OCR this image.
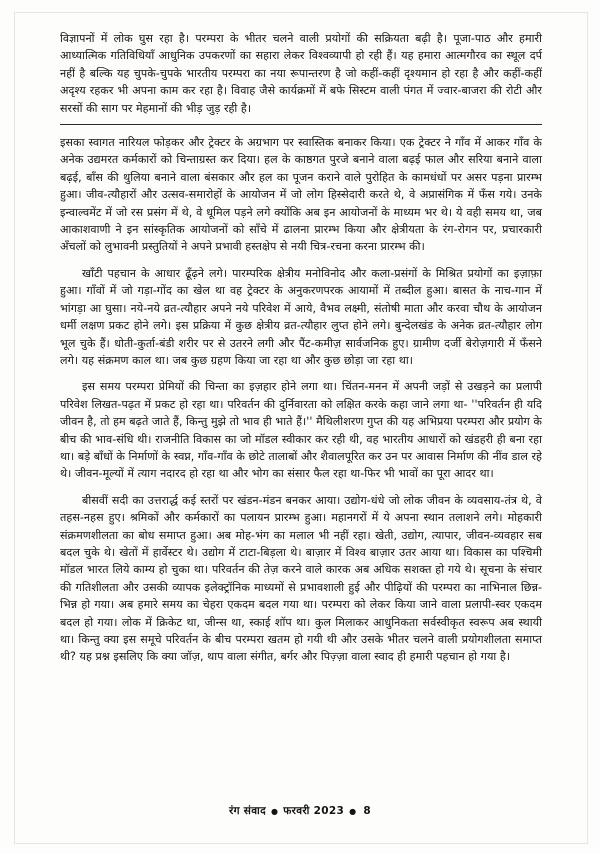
विज्ञापनों में लोक घुस रहा है। परम्परा के भीतर चलने वाली प्रयोगों की सक्रियता बढ़ी है। पूजा-पाठ और हमारी आध्यात्मिक गतिविधियाँ आधुनिक उपकरणों का सहारा लेकर विश्वव्यापी हो रही हैं। यह हमारा आत्मगौरव का स्थूल दर्प नहीं है बल्कि यह चुपके-चुपके भारतीय परम्परा का नया रूपान्तरण है जो कहीं-कहीं दृश्यमान हो रहा है और कहीं-कहीं अदृश्य रहकर भी अपना काम कर रहा है। विवाह जैसे कार्यक्रमों में बफे सिस्टम वाली पंगत में ज्वार-बाजरा की रोटी और सरसों की साग पर मेहमानों की भीड़ जुड़ रही है।

इसका स्वागत नारियल फोड़कर और ट्रेक्टर के अग्रभाग पर स्वास्तिक बनाकर किया। एक ट्रेक्टर ने गाँव में आकर गाँव के अनेक उद्यमरत कर्मकारों को चिन्ताग्रस्त कर दिया। हल के काष्ठगत पुरजे बनाने वाला बढ़ई फाल और सरिया बनाने वाला बढ़ई, बाँस की थुलिया बनाने वाला बंसकार और हल का पूजन कराने वाले पुरोहित के कामधंधों पर असर पड़ना प्रारम्भ हुआ। जीव-त्यौहारों और उत्सव-समारोहों के आयोजन में जो लोग हिस्सेदारी करते थे, वे अप्रासंगिक में फँस गये। उनके इन्वाल्वमेंट में जो रस प्रसंग में थे, वे धूमिल पड़ने लगे क्योंकि अब इन आयोजनों के माध्यम भर थे। ये वही समय था, जब आकाशवाणी ने इन सांस्कृतिक आयोजनों को साँचे में ढालना प्रारम्भ किया और क्षेत्रीयता के रंग-रोगन पर, प्रचारकारी अँचलों को लुभावनी प्रस्तुतियों ने अपने प्रभावी हस्तक्षेप से नयी चित्र-रचना करना प्रारम्भ की।

खाँटी पहचान के आधार ढूँढ़ने लगे। पारम्परिक क्षेत्रीय मनोविनोद और कला-प्रसंगों के मिश्रित प्रयोगों का इज़ाफ़ा हुआ। गाँवों में जो गड़ा-गोंद का खेल था वह ट्रेक्टर के अनुकरणपरक आयामों में तब्दील हुआ। बासत के नाच-गान में भांगड़ा आ घुसा। नये-नये व्रत-त्यौहार अपने नये परिवेश में आये, वैभव लक्ष्मी, संतोषी माता और करवा चौथ के आयोजन धर्मी लक्षण प्रकट होने लगे। इस प्रक्रिया में कुछ क्षेत्रीय व्रत-त्यौहार लुप्त होने लगे। बुन्देलखंड के अनेक व्रत-त्यौहार लोग भूल चुके हैं। धोती-कुर्ता-बंडी शरीर पर से उतरने लगी और पैंट-कमीज़ सार्वजनिक हुए। ग्रामीण दर्जी बेरोज़गारी में फँसने लगे। यह संक्रमण काल था। जब कुछ ग्रहण किया जा रहा था और कुछ छोड़ा जा रहा था।

इस समय परम्परा प्रेमियों की चिन्ता का इज़हार होने लगा था। चिंतन-मनन में अपनी जड़ों से उखड़ने का प्रलापी परिवेश लिखत-पढ़त में प्रकट हो रहा था। परिवर्तन की दुर्निवारता को लक्षित करके कहा जाने लगा था- ''परिवर्तन ही यदि जीवन है, तो हम बढ़ते जाते हैं, किन्तु मुझे तो भाव ही भाते हैं।'' मैथिलीशरण गुप्त की यह अभिप्रया परम्परा और प्रयोग के बीच की भाव-संधि थी। राजनीति विकास का जो मॉडल स्वीकार कर रही थी, वह भारतीय आधारों को खंडहरी ही बना रहा था। बड़े बाँधों के निर्माणों के स्वप्न, गाँव-गाँव के छोटे तालाबों और शैवालपूरित कर उन पर आवास निर्माण की नींव डाल रहे थे। जीवन-मूल्यों में त्याग नदारद हो रहा था और भोग का संसार फैल रहा था-फिर भी भावों का पूरा आदर था।

बीसवीं सदी का उत्तरार्द्ध कई स्तरों पर खंडन-मंडन बनकर आया। उद्योग-धंधे जो लोक जीवन के व्यवसाय-तंत्र थे, वे तहस-नहस हुए। श्रमिकों और कर्मकारों का पलायन प्रारम्भ हुआ। महानगरों में ये अपना स्थान तलाशने लगे। मोहकारी संक्रमणशीलता का बोध समाप्त हुआ। अब मोह-भंग का मलाल भी नहीं रहा। खेती, उद्योग, त्यापार, जीवन-व्यवहार सब बदल चुके थे। खेतों में हार्वेस्टर थे। उद्योग में टाटा-बिड़ला थे। बाज़ार में विश्व बाज़ार उतर आया था। विकास का पश्चिमी मॉडल भारत लिये काम्य हो चुका था। परिवर्तन की तेज़ करने वाले कारक अब अधिक सशक्त हो गये थे। सूचना के संचार की गतिशीलता और उसकी व्यापक इलेक्ट्रॉनिक माध्यमों से प्रभावशाली हुई और पीढ़ियों की परम्परा का नाभिनाल छिन्न-भिन्न हो गया। अब हमारे समय का चेहरा एकदम बदल गया था। परम्परा को लेकर किया जाने वाला प्रलापी-स्वर एकदम बदल हो गया। लोक में क्रिकेट था, जीन्स था, स्काई शॉप था। कुल मिलाकर आधुनिकता सर्वस्वीकृत स्वरूप अब स्थायी था। किन्तु क्या इस समूचे परिवर्तन के बीच परम्परा खतम हो गयी थी और उसके भीतर चलने वाली प्रयोगशीलता समाप्त थी? यह प्रश्न इसलिए कि क्या जॉज़, थाप वाला संगीत, बर्गर और पिज़्ज़ा वाला स्वाद ही हमारी पहचान हो गया है।

रंग संवाद ● फरवरी 2023 ● 8
